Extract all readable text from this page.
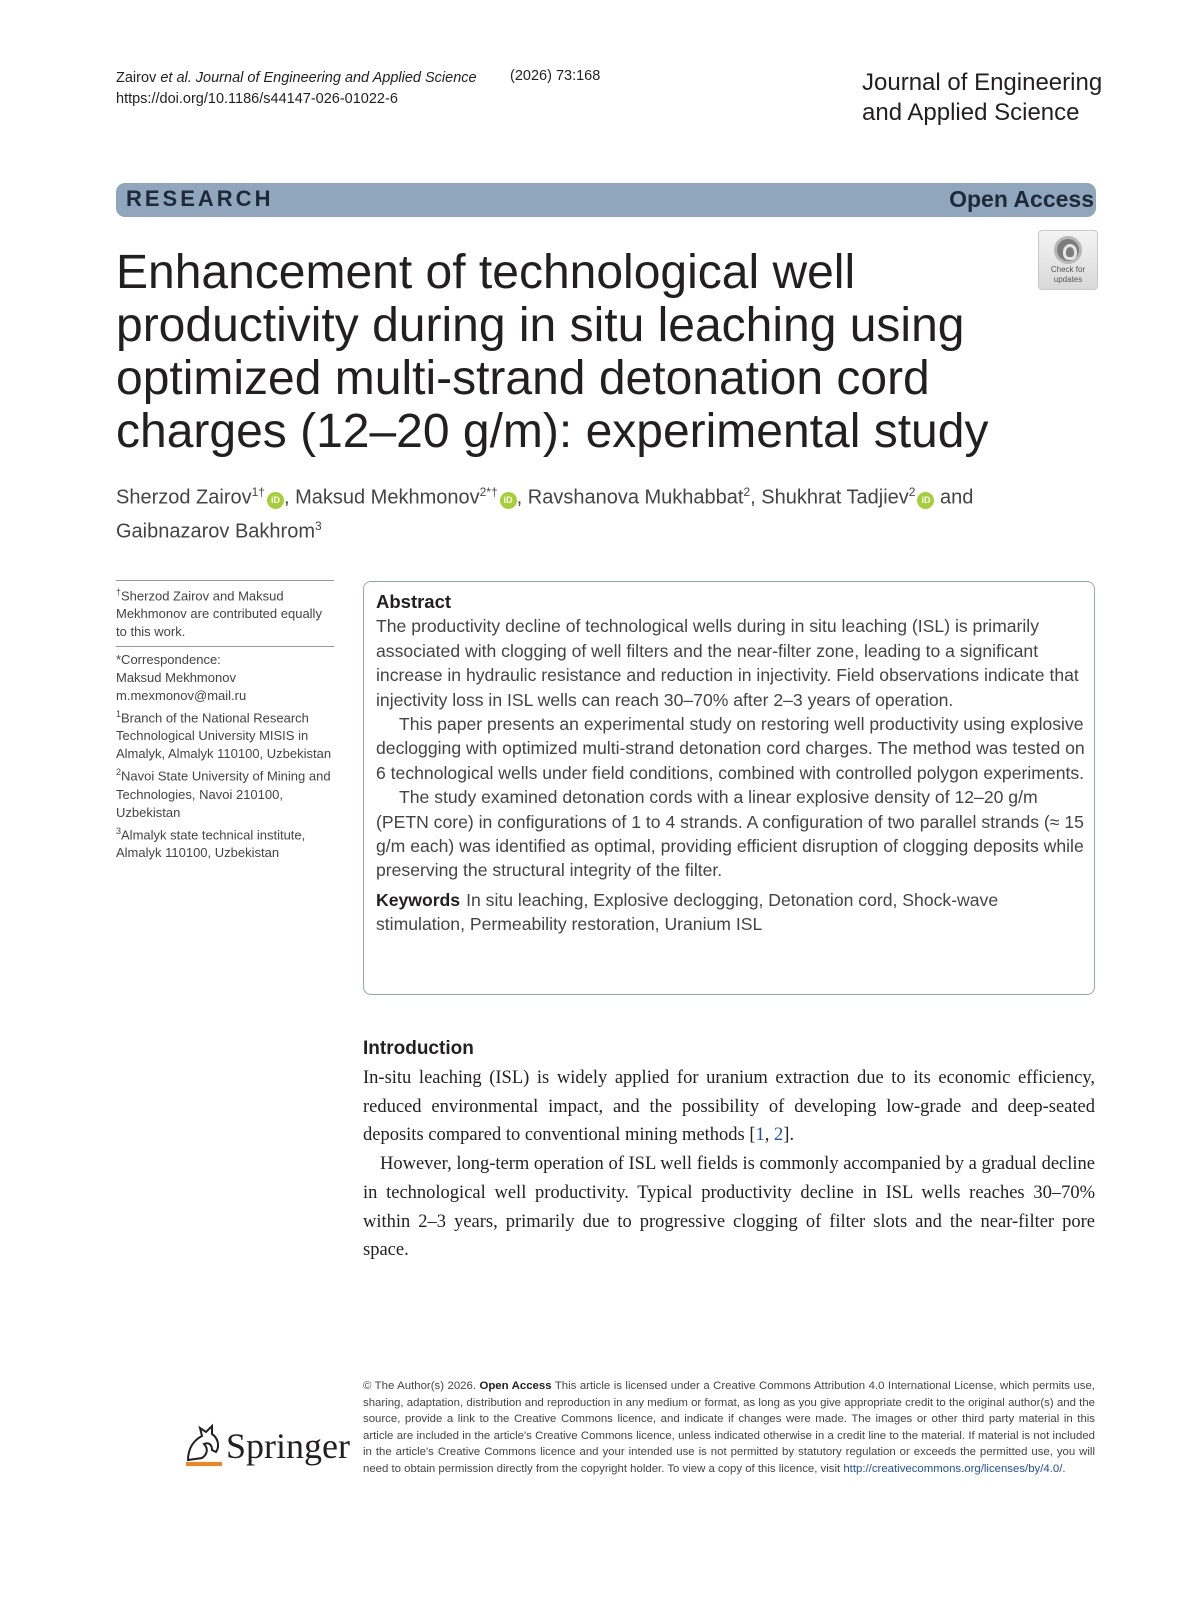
Zairov et al. Journal of Engineering and Applied Science
https://doi.org/10.1186/s44147-026-01022-6
(2026) 73:168	Journal of Engineering
and Applied Science
RESEARCH	Open Access
Check for
updates
Enhancement of technological well
productivity during in situ leaching using
optimized multi-strand detonation cord
charges (12–20 g/m): experimental study
Sherzod Zairov$^{1\dagger}$iD , Maksud Mekhmonov$^{2*\dagger}$iD , Ravshanova Mukhabbat$^2$, Shukhrat Tadjiev$^2$iD and
Gaibnazarov Bakhrom$^3$
†Sherzod Zairov and Maksud Mekhmonov are contributed equally to this work.
*Correspondence:
Maksud Mekhmonov
m.mexmonov@mail.ru
$^1$Branch of the National Research Technological University MISIS in Almalyk, Almalyk 110100, Uzbekistan
$^2$Navoi State University of Mining and Technologies, Navoi 210100, Uzbekistan
$^3$Almalyk state technical institute, Almalyk 110100, Uzbekistan
Abstract

The productivity decline of technological wells during in situ leaching (ISL) is primarily associated with clogging of well filters and the near-filter zone, leading to a significant increase in hydraulic resistance and reduction in injectivity. Field observations indicate that injectivity loss in ISL wells can reach 30–70% after 2–3 years of operation.

This paper presents an experimental study on restoring well productivity using explosive declogging with optimized multi-strand detonation cord charges. The method was tested on 6 technological wells under field conditions, combined with controlled polygon experiments.

The study examined detonation cords with a linear explosive density of 12–20 g/m (PETN core) in configurations of 1 to 4 strands. A configuration of two parallel strands (≈ 15 g/m each) was identified as optimal, providing efficient disruption of clogging deposits while preserving the structural integrity of the filter.

Keywords In situ leaching, Explosive declogging, Detonation cord, Shock-wave stimulation, Permeability restoration, Uranium ISL

Introduction

In-situ leaching (ISL) is widely applied for uranium extraction due to its economic efficiency, reduced environmental impact, and the possibility of developing low-grade and deep-seated deposits compared to conventional mining methods [1, 2].

However, long-term operation of ISL well fields is commonly accompanied by a gradual decline in technological well productivity. Typical productivity decline in ISL wells reaches 30–70% within 2–3 years, primarily due to progressive clogging of filter slots and the near-filter pore space.

Springer
© The Author(s) 2026. Open Access This article is licensed under a Creative Commons Attribution 4.0 International License, which permits use, sharing, adaptation, distribution and reproduction in any medium or format, as long as you give appropriate credit to the original author(s) and the source, provide a link to the Creative Commons licence, and indicate if changes were made. The images or other third party material in this article are included in the article's Creative Commons licence, unless indicated otherwise in a credit line to the material. If material is not included in the article's Creative Commons licence and your intended use is not permitted by statutory regulation or exceeds the permitted use, you will need to obtain permission directly from the copyright holder. To view a copy of this licence, visit http://creativecommons.org/licenses/by/4.0/.
